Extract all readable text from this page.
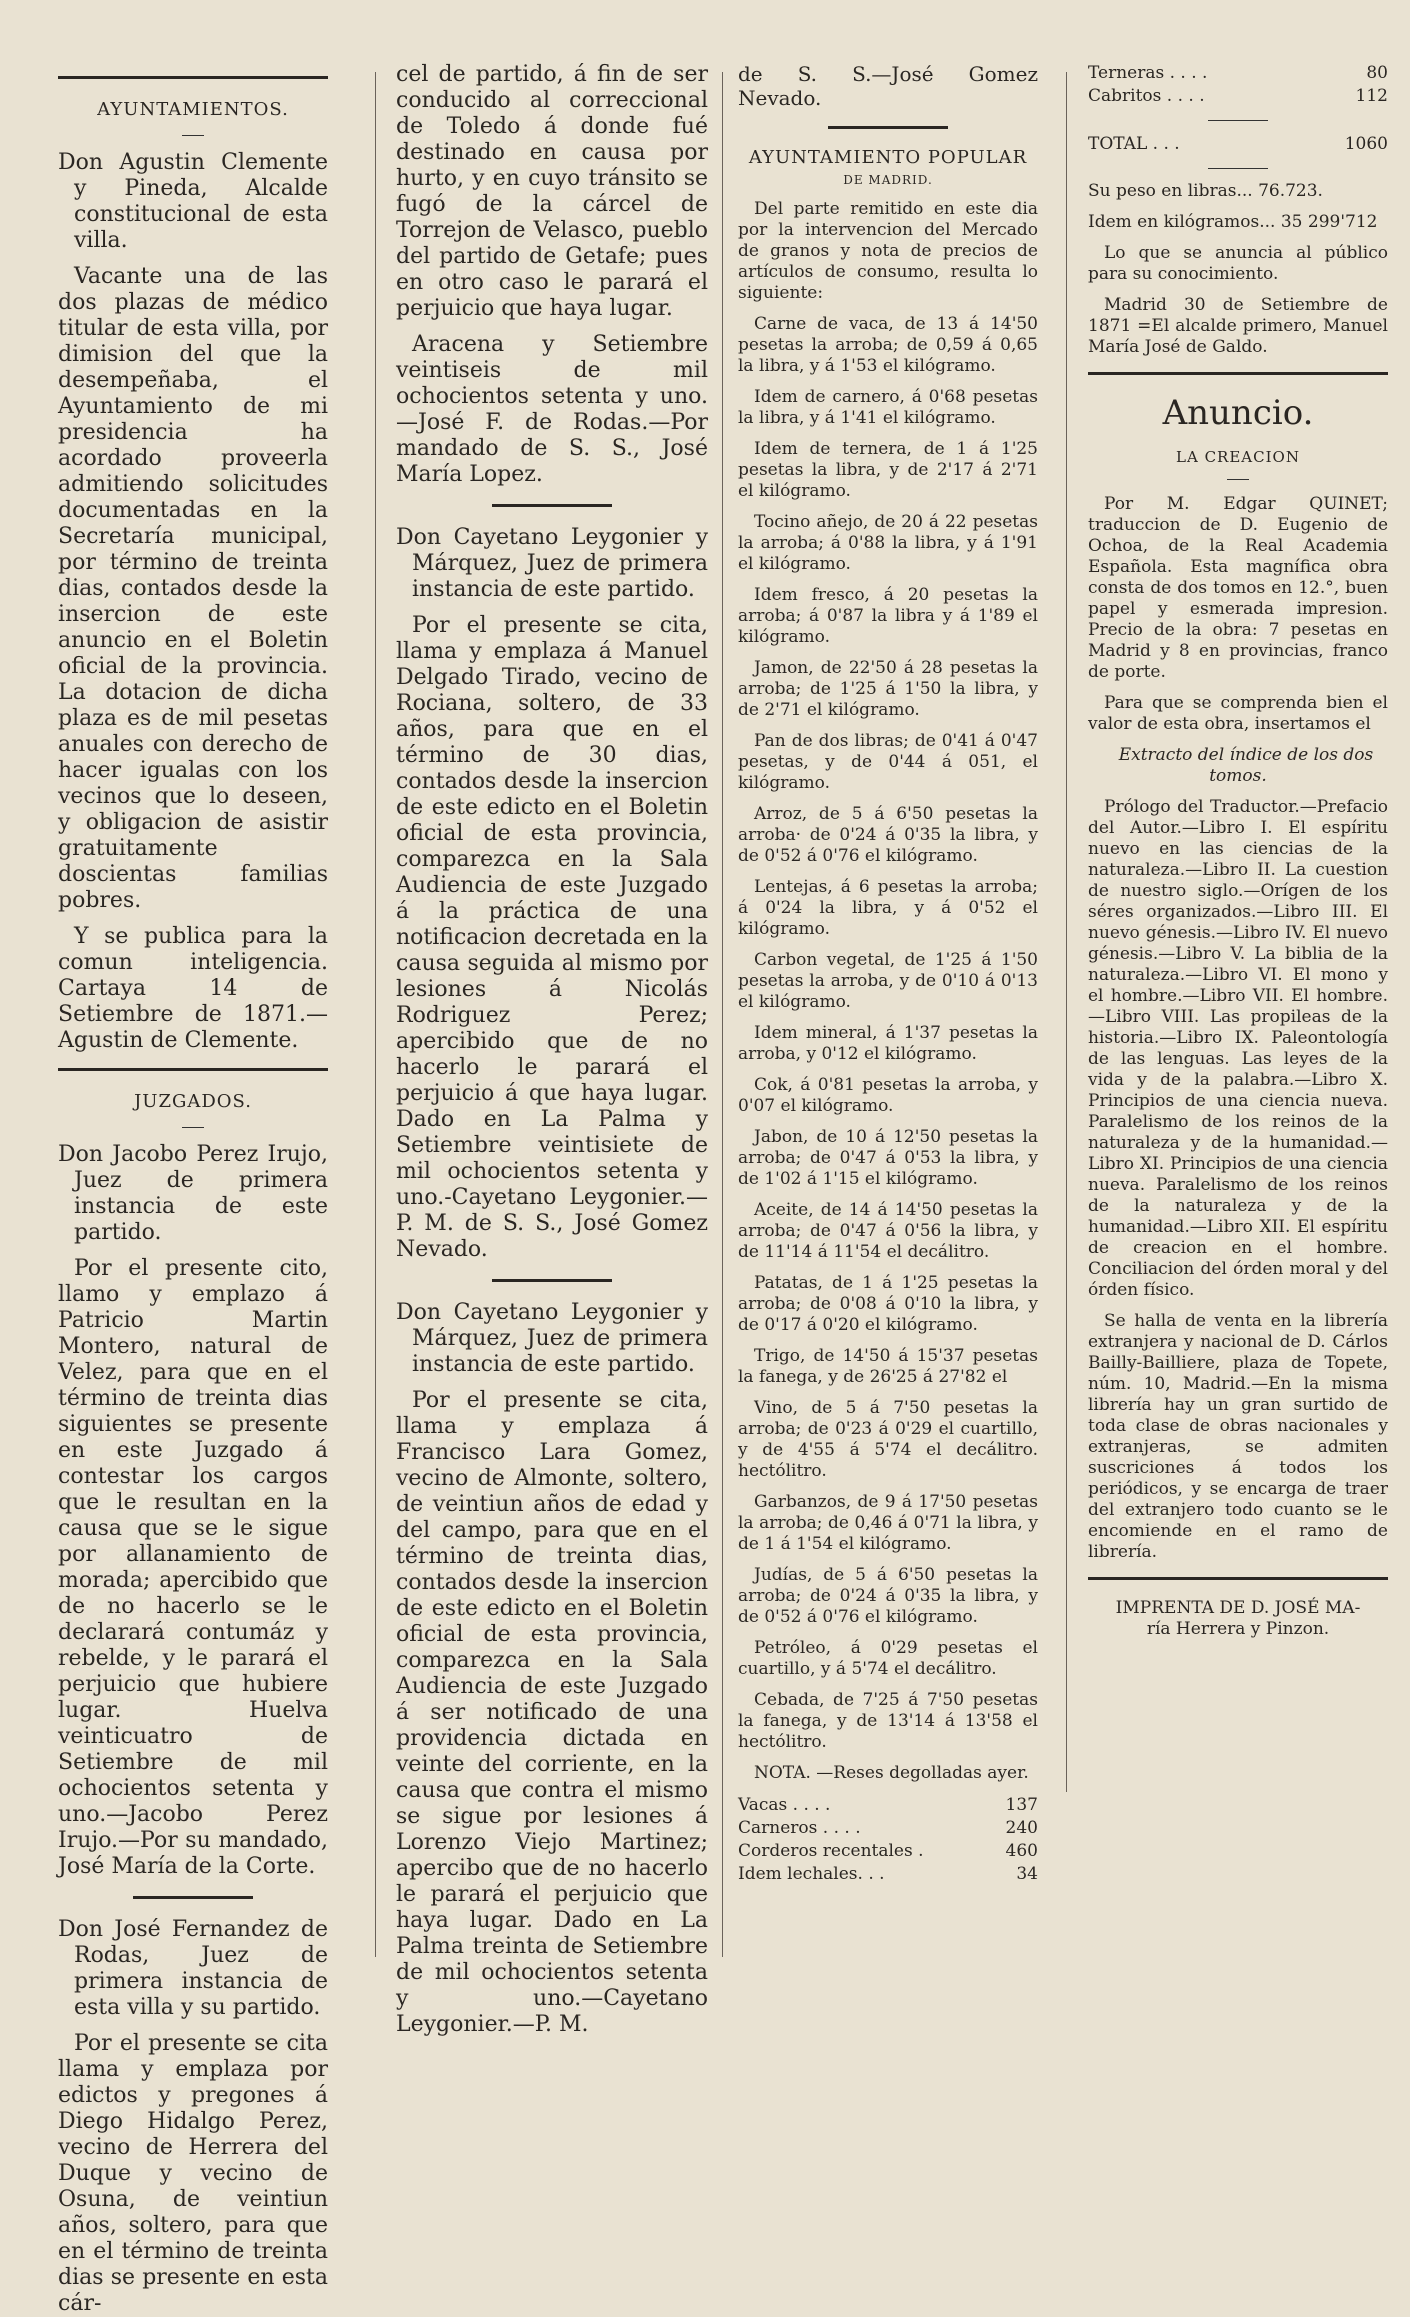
AYUNTAMIENTOS.

Don Agustin Clemente y Pineda, Alcalde constitucional de esta villa.

Vacante una de las dos plazas de médico titular de esta villa, por dimision del que la desempeñaba, el Ayuntamiento de mi presidencia ha acordado proveerla admitiendo solicitudes documentadas en la Secretaría municipal, por término de treinta dias, contados desde la insercion de este anuncio en el Boletin oficial de la provincia. La dotacion de dicha plaza es de mil pesetas anuales con derecho de hacer igualas con los vecinos que lo deseen, y obligacion de asistir gratuitamente doscientas familias pobres.

Y se publica para la comun inteligencia. Cartaya 14 de Setiembre de 1871.—Agustin de Clemente.

JUZGADOS.

Don Jacobo Perez Irujo, Juez de primera instancia de este partido.

Por el presente cito, llamo y emplazo á Patricio Martin Montero, natural de Velez, para que en el término de treinta dias siguientes se presente en este Juzgado á contestar los cargos que le resultan en la causa que se le sigue por allanamiento de morada; apercibido que de no hacerlo se le declarará contumáz y rebelde, y le parará el perjuicio que hubiere lugar. Huelva veinticuatro de Setiembre de mil ochocientos setenta y uno.—Jacobo Perez Irujo.—Por su mandado, José María de la Corte.

Don José Fernandez de Rodas, Juez de primera instancia de esta villa y su partido.

Por el presente se cita llama y emplaza por edictos y pregones á Diego Hidalgo Perez, vecino de Herrera del Duque y vecino de Osuna, de veintiun años, soltero, para que en el término de treinta dias se presente en esta cár-

cel de partido, á fin de ser conducido al correccional de Toledo á donde fué destinado en causa por hurto, y en cuyo tránsito se fugó de la cárcel de Torrejon de Velasco, pueblo del partido de Getafe; pues en otro caso le parará el perjuicio que haya lugar.

Aracena y Setiembre veintiseis de mil ochocientos setenta y uno.—José F. de Rodas.—Por mandado de S. S., José María Lopez.

Don Cayetano Leygonier y Márquez, Juez de primera instancia de este partido.

Por el presente se cita, llama y emplaza á Manuel Delgado Tirado, vecino de Rociana, soltero, de 33 años, para que en el término de 30 dias, contados desde la insercion de este edicto en el Boletin oficial de esta provincia, comparezca en la Sala Audiencia de este Juzgado á la práctica de una notificacion decretada en la causa seguida al mismo por lesiones á Nicolás Rodriguez Perez; apercibido que de no hacerlo le parará el perjuicio á que haya lugar. Dado en La Palma y Setiembre veintisiete de mil ochocientos setenta y uno.-Cayetano Leygonier.—P. M. de S. S., José Gomez Nevado.

Don Cayetano Leygonier y Márquez, Juez de primera instancia de este partido.

Por el presente se cita, llama y emplaza á Francisco Lara Gomez, vecino de Almonte, soltero, de veintiun años de edad y del campo, para que en el término de treinta dias, contados desde la insercion de este edicto en el Boletin oficial de esta provincia, comparezca en la Sala Audiencia de este Juzgado á ser notificado de una providencia dictada en veinte del corriente, en la causa que contra el mismo se sigue por lesiones á Lorenzo Viejo Martinez; apercibo que de no hacerlo le parará el perjuicio que haya lugar. Dado en La Palma treinta de Setiembre de mil ochocientos setenta y uno.—Cayetano Leygonier.—P. M.

de S. S.—José Gomez Nevado.

AYUNTAMIENTO POPULAR
DE MADRID.

Del parte remitido en este dia por la intervencion del Mercado de granos y nota de precios de artículos de consumo, resulta lo siguiente:

Carne de vaca, de 13 á 14'50 pesetas la arroba; de 0,59 á 0,65 la libra, y á 1'53 el kilógramo.

Idem de carnero, á 0'68 pesetas la libra, y á 1'41 el kilógramo.

Idem de ternera, de 1 á 1'25 pesetas la libra, y de 2'17 á 2'71 el kilógramo.

Tocino añejo, de 20 á 22 pesetas la arroba; á 0'88 la libra, y á 1'91 el kilógramo.

Idem fresco, á 20 pesetas la arroba; á 0'87 la libra y á 1'89 el kilógramo.

Jamon, de 22'50 á 28 pesetas la arroba; de 1'25 á 1'50 la libra, y de 2'71 el kilógramo.

Pan de dos libras; de 0'41 á 0'47 pesetas, y de 0'44 á 051, el kilógramo.

Arroz, de 5 á 6'50 pesetas la arroba· de 0'24 á 0'35 la libra, y de 0'52 á 0'76 el kilógramo.

Lentejas, á 6 pesetas la arroba; á 0'24 la libra, y á 0'52 el kilógramo.

Carbon vegetal, de 1'25 á 1'50 pesetas la arroba, y de 0'10 á 0'13 el kilógramo.

Idem mineral, á 1'37 pesetas la arroba, y 0'12 el kilógramo.

Cok, á 0'81 pesetas la arroba, y 0'07 el kilógramo.

Jabon, de 10 á 12'50 pesetas la arroba; de 0'47 á 0'53 la libra, y de 1'02 á 1'15 el kilógramo.

Aceite, de 14 á 14'50 pesetas la arroba; de 0'47 á 0'56 la libra, y de 11'14 á 11'54 el decálitro.

Patatas, de 1 á 1'25 pesetas la arroba; de 0'08 á 0'10 la libra, y de 0'17 á 0'20 el kilógramo.

Trigo, de 14'50 á 15'37 pesetas la fanega, y de 26'25 á 27'82 el

Vino, de 5 á 7'50 pesetas la arroba; de 0'23 á 0'29 el cuartillo, y de 4'55 á 5'74 el decálitro. hectólitro.

Garbanzos, de 9 á 17'50 pesetas la arroba; de 0,46 á 0'71 la libra, y de 1 á 1'54 el kilógramo.

Judías, de 5 á 6'50 pesetas la arroba; de 0'24 á 0'35 la libra, y de 0'52 á 0'76 el kilógramo.

Petróleo, á 0'29 pesetas el cuartillo, y á 5'74 el decálitro.

Cebada, de 7'25 á 7'50 pesetas la fanega, y de 13'14 á 13'58 el hectólitro.

NOTA. —Reses degolladas ayer.

Vacas . . . .	137
Carneros . . . .	240
Corderos recentales .	460
Idem lechales. . .	34
Terneras . . . .	80
Cabritos . . . .	112
TOTAL . . .	1060

Su peso en libras... 76.723.

Idem en kilógramos... 35 299'712

Lo que se anuncia al público para su conocimiento.

Madrid 30 de Setiembre de 1871 =El alcalde primero, Manuel María José de Galdo.

Anuncio.
LA CREACION

Por M. Edgar QUINET; traduccion de D. Eugenio de Ochoa, de la Real Academia Española. Esta magnífica obra consta de dos tomos en 12.°, buen papel y esmerada impresion. Precio de la obra: 7 pesetas en Madrid y 8 en provincias, franco de porte.

Para que se comprenda bien el valor de esta obra, insertamos el

Extracto del índice de los dos tomos.

Prólogo del Traductor.—Prefacio del Autor.—Libro I. El espíritu nuevo en las ciencias de la naturaleza.—Libro II. La cuestion de nuestro siglo.—Orígen de los séres organizados.—Libro III. El nuevo génesis.—Libro IV. El nuevo génesis.—Libro V. La biblia de la naturaleza.—Libro VI. El mono y el hombre.—Libro VII. El hombre. —Libro VIII. Las propileas de la historia.—Libro IX. Paleontología de las lenguas. Las leyes de la vida y de la palabra.—Libro X. Principios de una ciencia nueva. Paralelismo de los reinos de la naturaleza y de la humanidad.—Libro XI. Principios de una ciencia nueva. Paralelismo de los reinos de la naturaleza y de la humanidad.—Libro XII. El espíritu de creacion en el hombre. Conciliacion del órden moral y del órden físico.

Se halla de venta en la librería extranjera y nacional de D. Cárlos Bailly-Bailliere, plaza de Topete, núm. 10, Madrid.—En la misma librería hay un gran surtido de toda clase de obras nacionales y extranjeras, se admiten suscriciones á todos los periódicos, y se encarga de traer del extranjero todo cuanto se le encomiende en el ramo de librería.

IMPRENTA DE D. JOSÉ MA-
ría Herrera y Pinzon.
